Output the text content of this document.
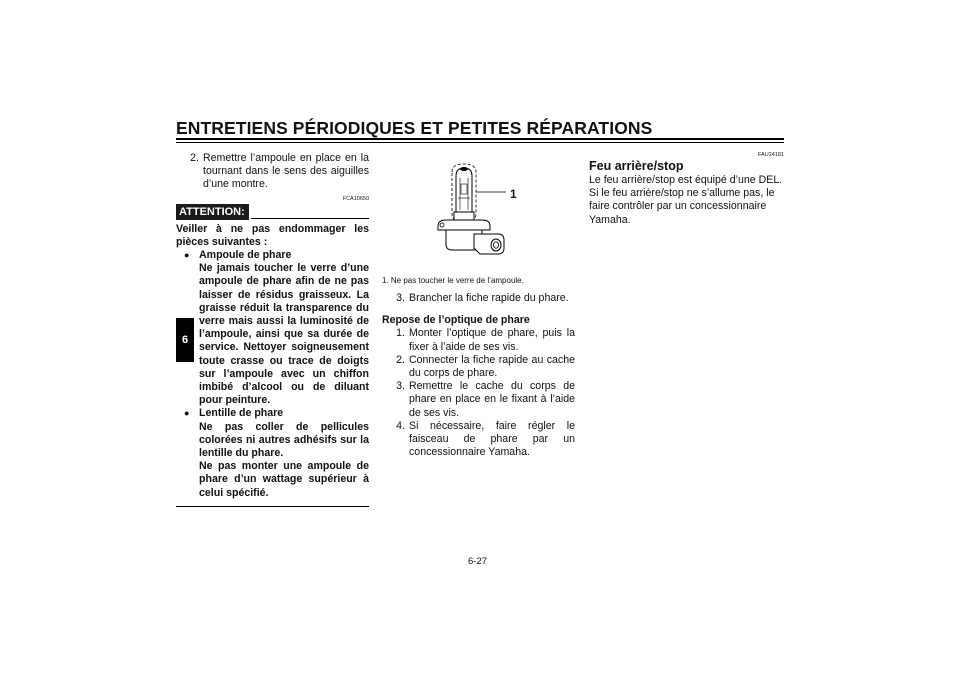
ENTRETIENS PÉRIODIQUES ET PETITES RÉPARATIONS
6
2. Remettre l’ampoule en place en la tournant dans le sens des aiguilles d’une montre.
FCA10650
ATTENTION:
Veiller à ne pas endommager les pièces suivantes :
● Ampoule de phare
Ne jamais toucher le verre d’une ampoule de phare afin de ne pas laisser de résidus graisseux. La graisse réduit la transparence du verre mais aussi la luminosité de l’ampoule, ainsi que sa durée de service. Nettoyer soigneusement toute crasse ou trace de doigts sur l’ampoule avec un chiffon imbibé d’alcool ou de diluant pour peinture.
● Lentille de phare
Ne pas coller de pellicules colorées ni autres adhésifs sur la lentille du phare.
Ne pas monter une ampoule de phare d’un wattage supérieur à celui spécifié.
1
1. Ne pas toucher le verre de l’ampoule.
3. Brancher la fiche rapide du phare.
Repose de l’optique de phare
1. Monter l’optique de phare, puis la fixer à l’aide de ses vis.
2. Connecter la fiche rapide au cache du corps de phare.
3. Remettre le cache du corps de phare en place en le fixant à l’aide de ses vis.
4. Si nécessaire, faire régler le faisceau de phare par un concessionnaire Yamaha.
FAU24181
Feu arrière/stop
Le feu arrière/stop est équipé d’une DEL.
Si le feu arrière/stop ne s’allume pas, le faire contrôler par un concessionnaire Yamaha.
6-27
